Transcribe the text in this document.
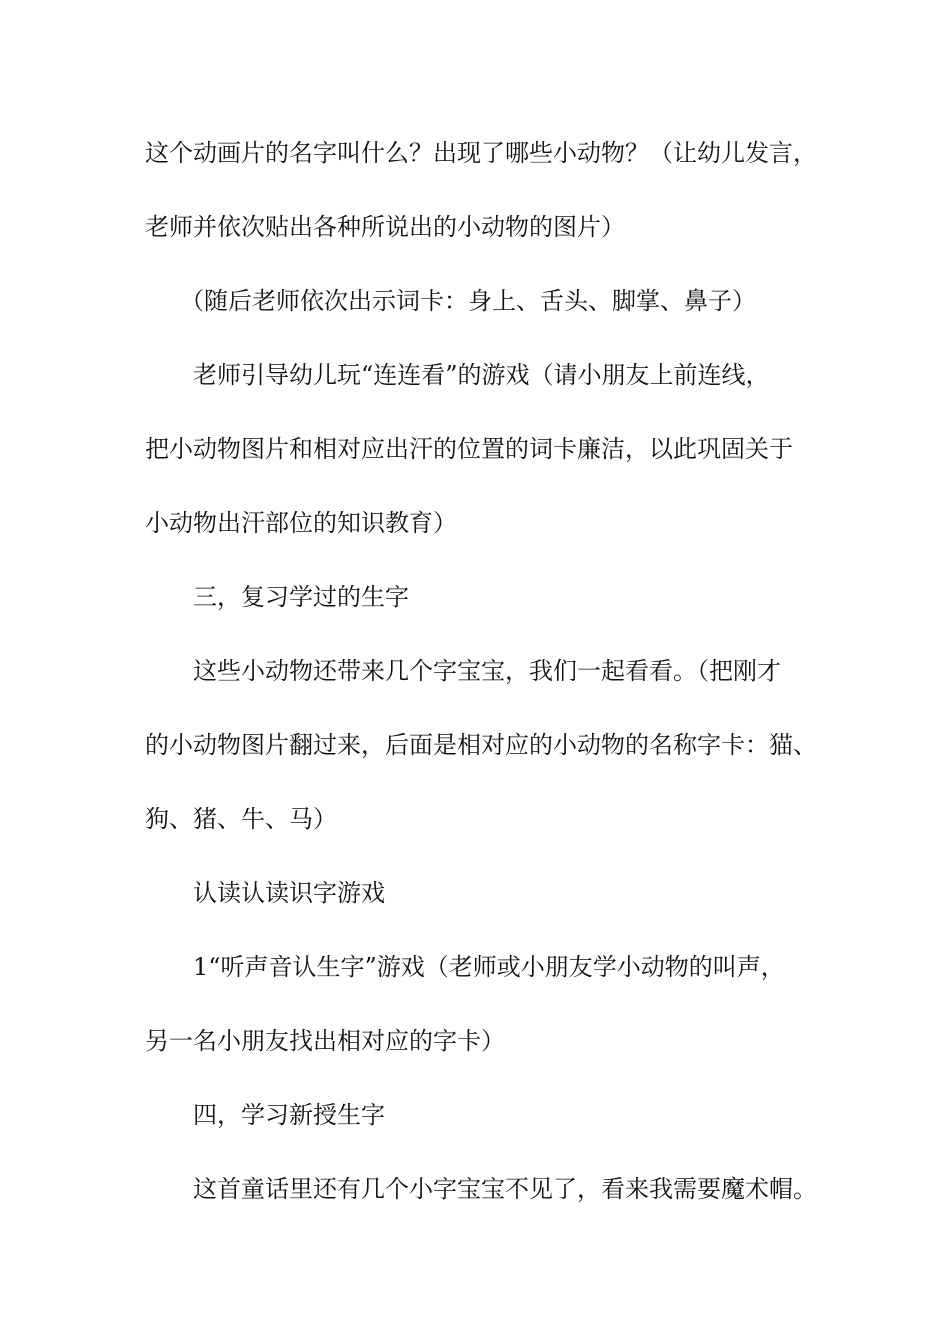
这个动画片的名字叫什么？出现了哪些小动物？（让幼儿发言，
老师并依次贴出各种所说出的小动物的图片）
（随后老师依次出示词卡：身上、舌头、脚掌、鼻子）
老师引导幼儿玩“连连看”的游戏（请小朋友上前连线，
把小动物图片和相对应出汗的位置的词卡廉洁，以此巩固关于
小动物出汗部位的知识教育）
三，复习学过的生字
这些小动物还带来几个字宝宝，我们一起看看。（把刚才
的小动物图片翻过来，后面是相对应的小动物的名称字卡：猫、
狗、猪、牛、马）
认读认读识字游戏
1“听声音认生字”游戏（老师或小朋友学小动物的叫声，
另一名小朋友找出相对应的字卡）
四，学习新授生字
这首童话里还有几个小字宝宝不见了，看来我需要魔术帽。
